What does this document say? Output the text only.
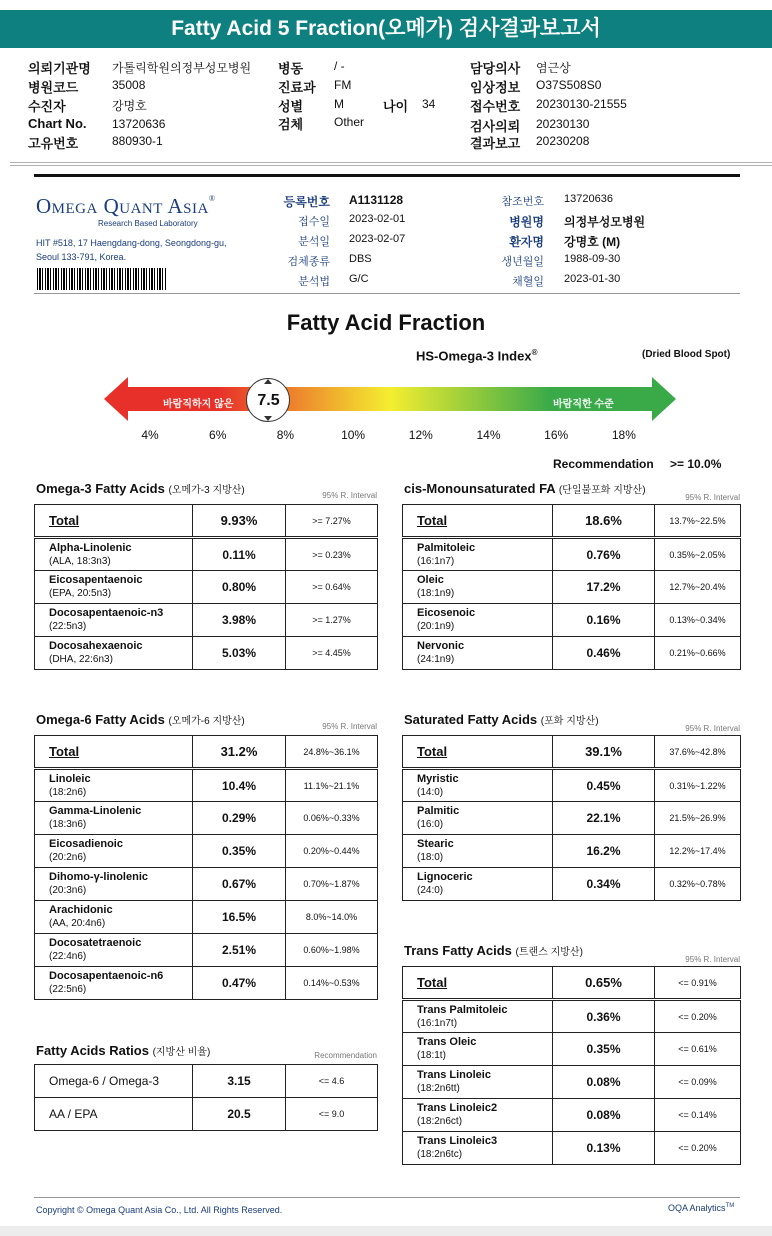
Fatty Acid 5 Fraction(오메가) 검사결과보고서
의뢰기관명 가톨릭학원의정부성모병원
병원코드	35008
수진자	강명호
Chart No. 13720636
고유번호	880930-1
병동	/ -
진료과 FM
성별	M
검체	Other
담당의사 염근상
임상정보 O37S508S0
접수번호 20230130-21555
검사의뢰 20230130
결과보고 20230208
나이 34
Omega Quant Asia®
Research Based Laboratory
HIT #518, 17 Haengdang-dong, Seongdong-gu,
Seoul 133-791, Korea.
등록번호 A1131128
접수일 2023-02-01
분석일 2023-02-07
검체종류 DBS
분석법 G/C
참조번호 13720636
병원명 의정부성모병원
환자명 강명호 (M)
생년월일 1988-09-30
채혈일 2023-01-30
Fatty Acid Fraction
HS-Omega-3 Index®	(Dried Blood Spot)
바람직하지 않은	바람직한 수준
7.5
4%	6%	8%	10%	12%	14%	16%	18%
Recommendation >= 10.0%
Omega-3 Fatty Acids (오메가-3 지방산)	95% R. Interval
Total	9.93%	>= 7.27%
Alpha-Linolenic
(ALA, 18:3n3)	0.11%	>= 0.23%
Eicosapentaenoic
(EPA, 20:5n3)	0.80%	>= 0.64%
Docosapentaenoic-n3
(22:5n3)	3.98%	>= 1.27%
Docosahexaenoic
(DHA, 22:6n3)	5.03%	>= 4.45%
cis-Monounsaturated FA (단일불포화 지방산)
95% R. Interval
Total	18.6%	13.7%~22.5%
Palmitoleic
(16:1n7)	0.76%	0.35%~2.05%
Oleic
(18:1n9)	17.2%	12.7%~20.4%
Eicosenoic
(20:1n9)	0.16%	0.13%~0.34%
Nervonic
(24:1n9)	0.46%	0.21%~0.66%
Omega-6 Fatty Acids (오메가-6 지방산)	95% R. Interval
Total	31.2%	24.8%~36.1%
Linoleic
(18:2n6)	10.4%	11.1%~21.1%
Gamma-Linolenic
(18:3n6)	0.29%	0.06%~0.33%
Eicosadienoic
(20:2n6)	0.35%	0.20%~0.44%
Dihomo-γ-linolenic
(20:3n6)	0.67%	0.70%~1.87%
Arachidonic
(AA, 20:4n6)	16.5%	8.0%~14.0%
Docosatetraenoic
(22:4n6)	2.51%	0.60%~1.98%
Docosapentaenoic-n6
(22:5n6)	0.47%	0.14%~0.53%
Saturated Fatty Acids (포화 지방산)
95% R. Interval
Total	39.1%	37.6%~42.8%
Myristic
(14:0)	0.45%	0.31%~1.22%
Palmitic
(16:0)	22.1%	21.5%~26.9%
Stearic
(18:0)	16.2%	12.2%~17.4%
Lignoceric
(24:0)	0.34%	0.32%~0.78%
Trans Fatty Acids (트랜스 지방산)
95% R. Interval
Total	0.65%	<= 0.91%
Trans Palmitoleic
(16:1n7t)	0.36%	<= 0.20%
Trans Oleic
(18:1t)	0.35%	<= 0.61%
Trans Linoleic
(18:2n6tt)	0.08%	<= 0.09%
Trans Linoleic2
(18:2n6ct)	0.08%	<= 0.14%
Trans Linoleic3
(18:2n6tc)	0.13%	<= 0.20%
Fatty Acids Ratios (지방산 비율)	Recommendation
Omega-6 / Omega-3	3.15	<= 4.6
AA / EPA	20.5	<= 9.0
Copyright © Omega Quant Asia Co., Ltd. All Rights Reserved.	OQA Analytics™
